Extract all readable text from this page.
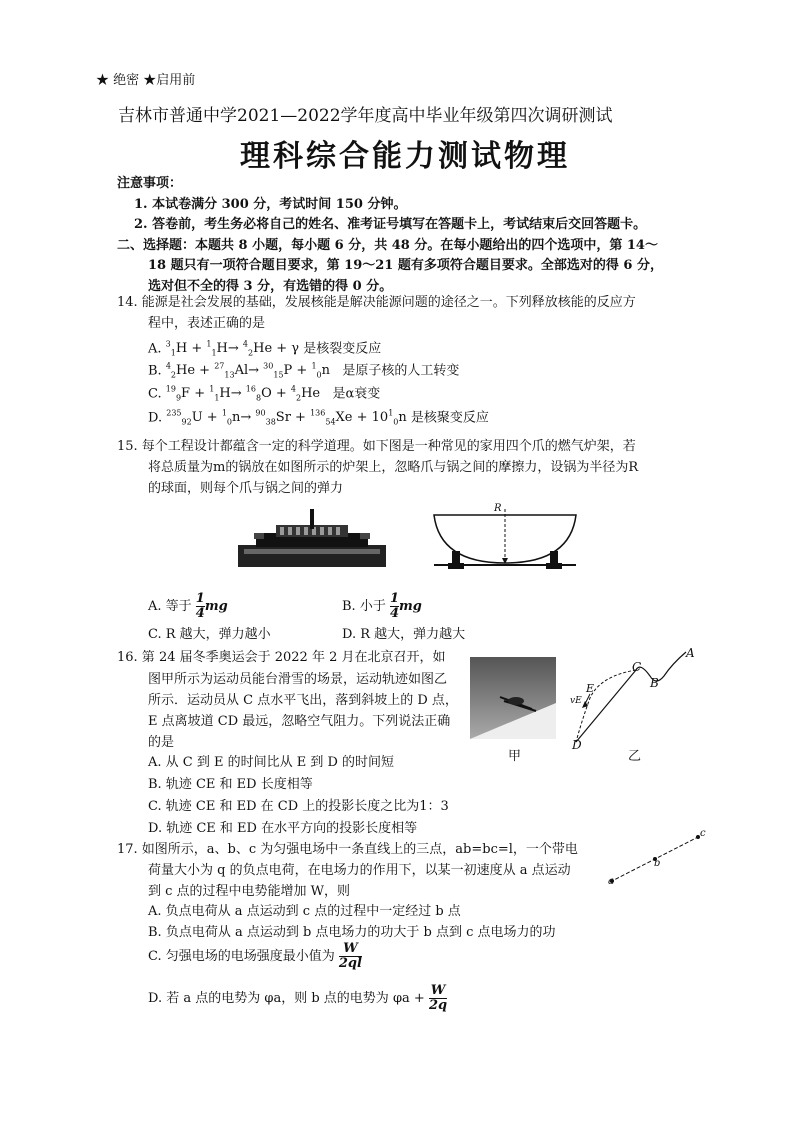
★ 绝密 ★启用前
吉林市普通中学2021—2022学年度高中毕业年级第四次调研测试
理科综合能力测试物理
注意事项：
1. 本试卷满分 300 分，考试时间 150 分钟。
2. 答卷前，考生务必将自己的姓名、准考证号填写在答题卡上，考试结束后交回答题卡。
二、选择题：本题共 8 小题，每小题 6 分，共 48 分。在每小题给出的四个选项中，第 14～
18 题只有一项符合题目要求，第 19～21 题有多项符合题目要求。全部选对的得 6 分，
选对但不全的得 3 分，有选错的得 0 分。
14. 能源是社会发展的基础，发展核能是解决能源问题的途径之一。下列释放核能的反应方
程中，表述正确的是
A. $^3_1$H + $^1_1$H→ $^4_2$He + γ 是核裂变反应
B. $^4_2$He + $^{27}_{13}$Al→ $^{30}_{15}$P + $^1_0$n   是原子核的人工转变
C. $^{19}_9$F + $^1_1$H→ $^{16}_8$O + $^4_2$He   是α衰变
D. $^{235}_{92}U + ^1_0n\to ^{90}_{38}Sr + ^{136}_{54}Xe + 10^1_0n$ 是核聚变反应
15. 每个工程设计都蕴含一定的科学道理。如下图是一种常见的家用四个爪的燃气炉架，若
将总质量为m的锅放在如图所示的炉架上，忽略爪与锅之间的摩擦力，设锅为半径为R
的球面，则每个爪与锅之间的弹力
R
A. 等于 $\frac{1}{4}$ mg	B. 小于 $\frac{1}{4}$ mg
C. R 越大，弹力越小	D. R 越大，弹力越大
16. 第 24 届冬季奥运会于 2022 年 2 月在北京召开，如
图甲所示为运动员能台滑雪的场景，运动轨迹如图乙
所示．运动员从 C 点水平飞出，落到斜坡上的 D 点，
E 点离坡道 CD 最远，忽略空气阻力。下列说法正确
的是
甲
A
B
C
D
E
vE
乙
A. 从 C 到 E 的时间比从 E 到 D 的时间短
B. 轨迹 CE 和 ED 长度相等
C. 轨迹 CE 和 ED 在 CD 上的投影长度之比为1：3
D. 轨迹 CE 和 ED 在水平方向的投影长度相等
17. 如图所示，a、b、c 为匀强电场中一条直线上的三点，ab=bc=l，一个带电
荷量大小为 q 的负点电荷，在电场力的作用下，以某一初速度从 a 点运动
到 c 点的过程中电势能增加 W，则
a
b
c
A. 负点电荷从 a 点运动到 c 点的过程中一定经过 b 点
B. 负点电荷从 a 点运动到 b 点电场力的功大于 b 点到 c 点电场力的功
C. 匀强电场的电场强度最小值为 $\frac{W}{2ql}$
D. 若 a 点的电势为 φa，则 b 点的电势为 $\varphi a + \frac{W}{2q}$
